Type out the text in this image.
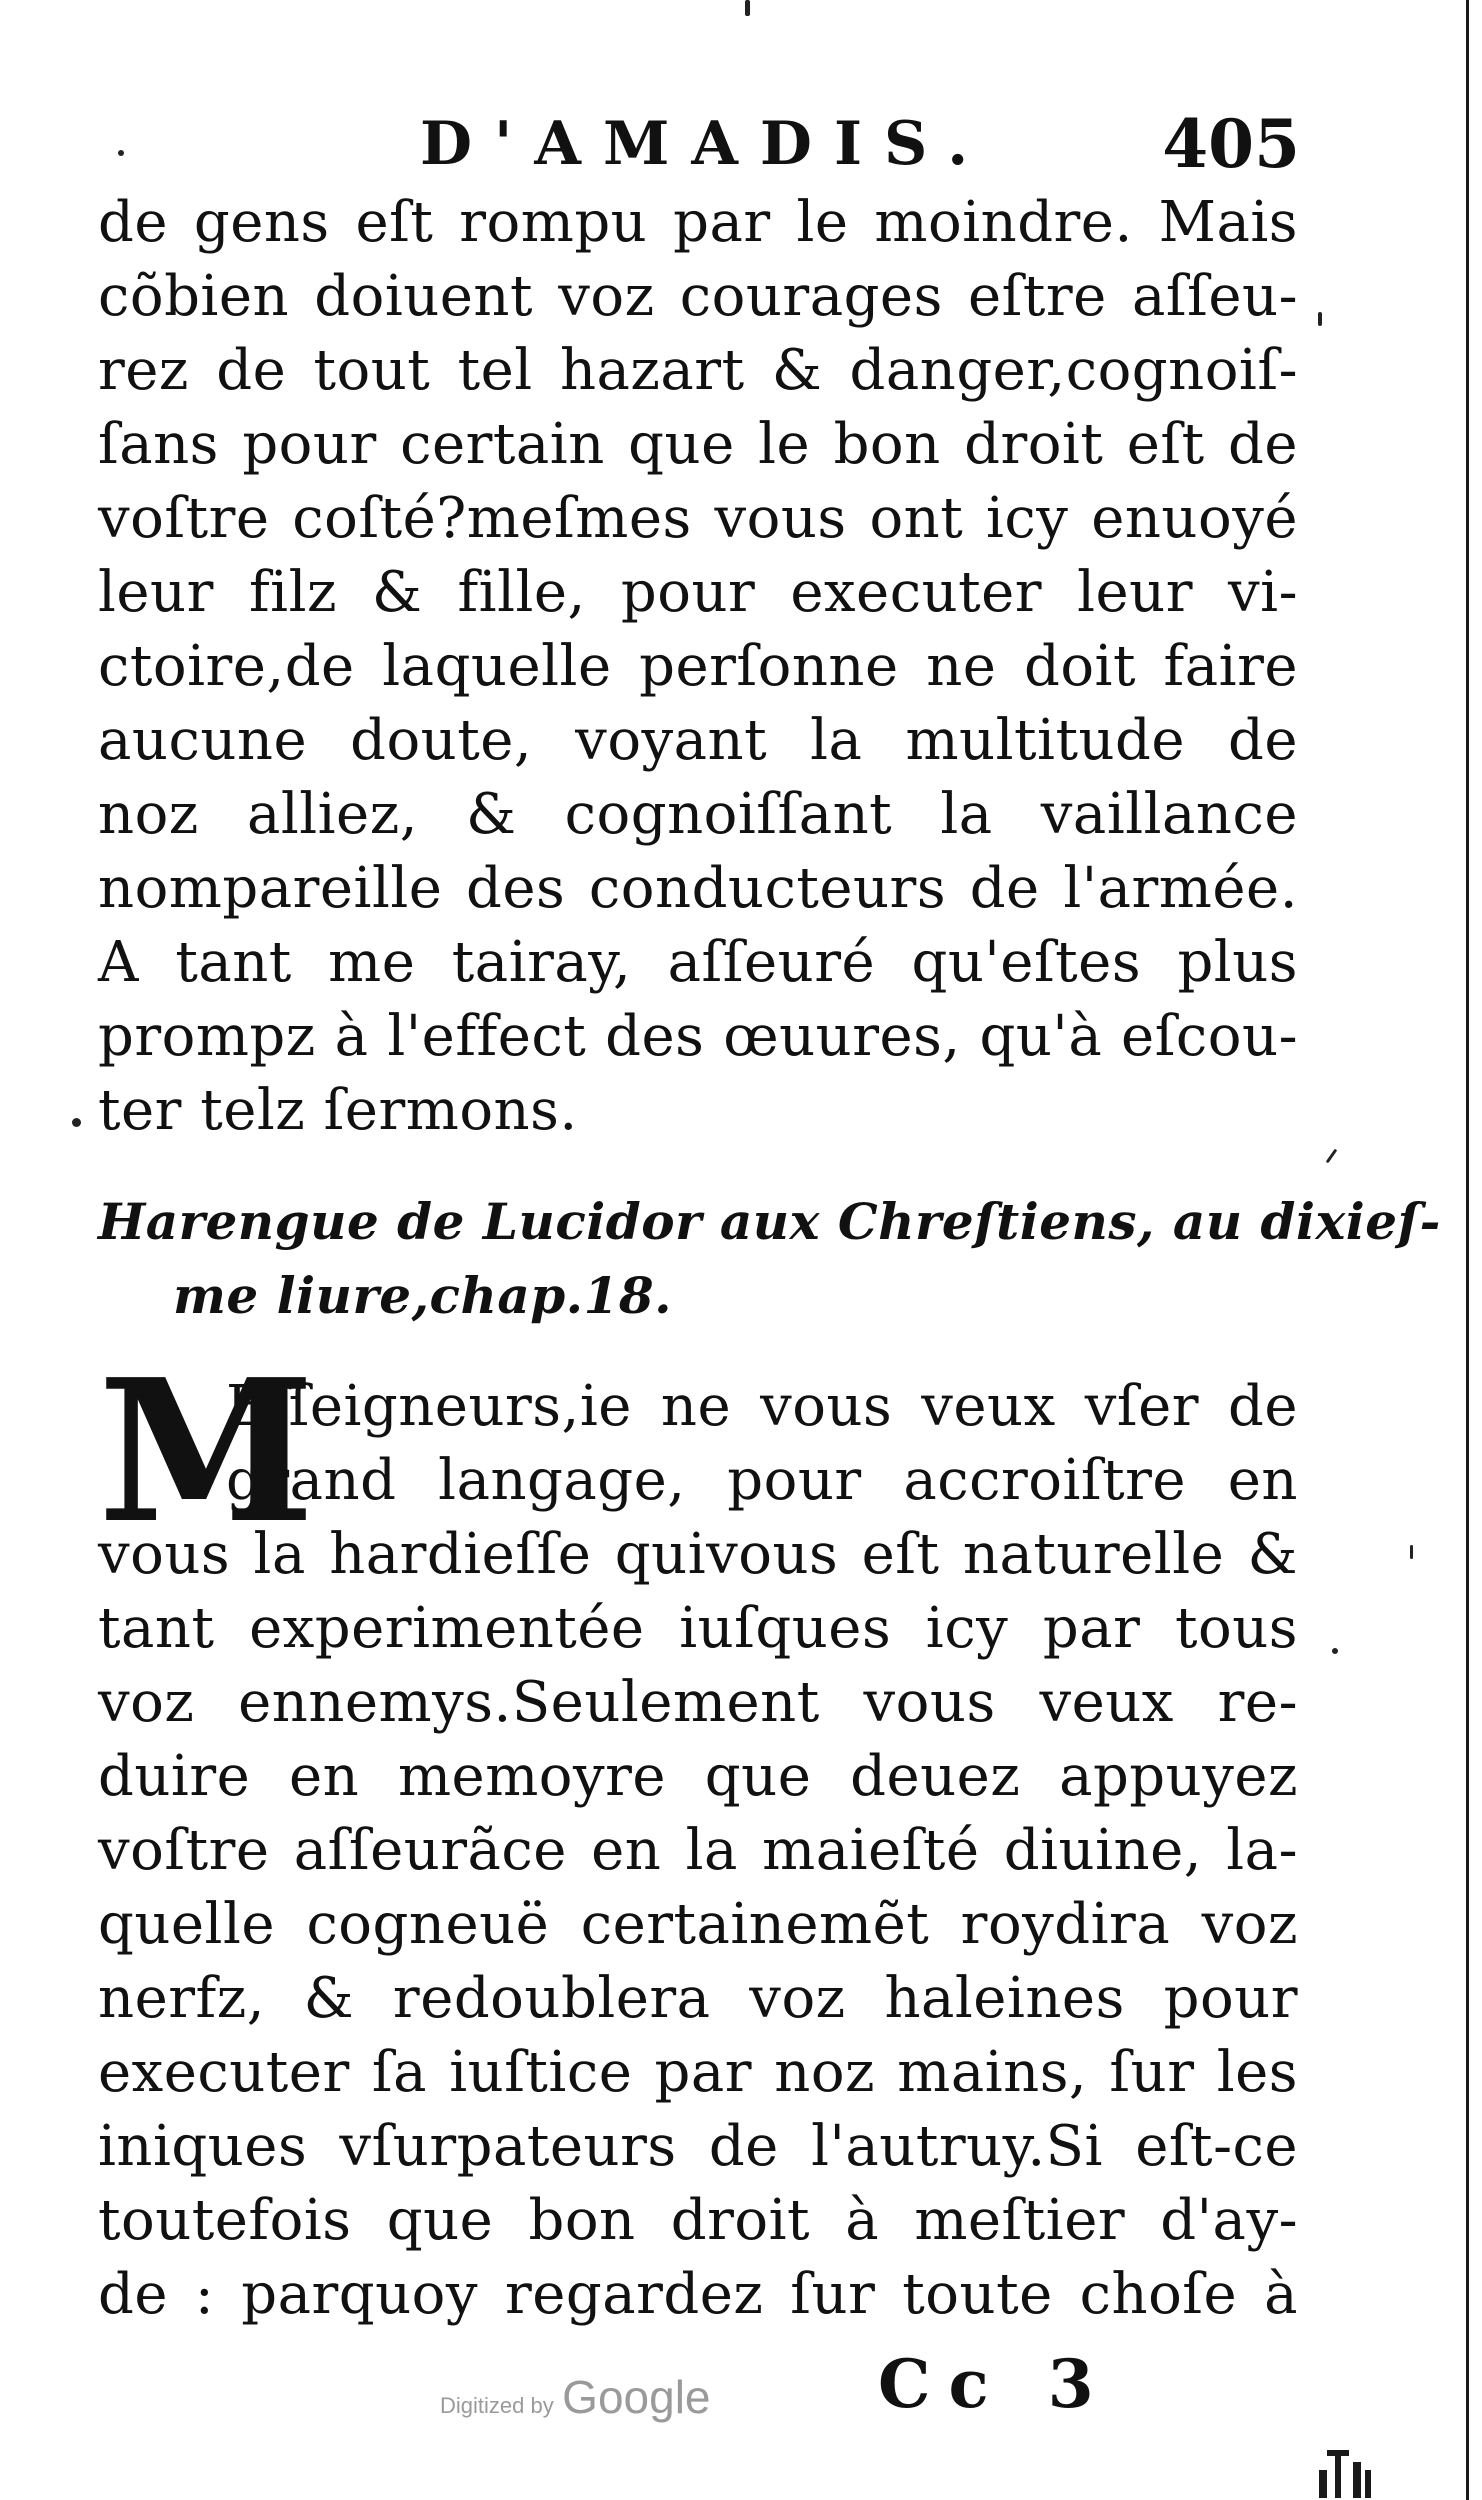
D'AMADIS.	405
de gens eſt rompu par le moindre. Mais
cõbien doiuent voz courages eſtre aſſeu-
rez de tout tel hazart & danger,cognoiſ-
ſans pour certain que le bon droit eſt de
voſtre coſté?meſmes vous ont icy enuoyé
leur filz & fille, pour executer leur vi-
ctoire,de laquelle perſonne ne doit faire
aucune doute, voyant la multitude de
noz alliez, & cognoiſſant la vaillance
nompareille des conducteurs de l'armée.
A tant me tairay, aſſeuré qu'eſtes plus
prompz à l'effect des œuures, qu'à eſcou-
ter telz ſermons.
Harengue de Lucidor aux Chreſtiens, au dixieſ-
me liure,chap.18.
M
Eſſeigneurs,ie ne vous veux vſer de
grand langage, pour accroiſtre en
vous la hardieſſe quivous eſt naturelle &
tant experimentée iuſques icy par tous
voz ennemys.Seulement vous veux re-
duire en memoyre que deuez appuyez
voſtre aſſeurãce en la maieſté diuine, la-
quelle cogneuë certainemẽt roydira voz
nerfz, & redoublera voz haleines pour
executer ſa iuſtice par noz mains, ſur les
iniques vſurpateurs de l'autruy.Si eſt-ce
toutefois que bon droit à meſtier d'ay-
de : parquoy regardez ſur toute choſe à
Digitized by Google	Cc 3
